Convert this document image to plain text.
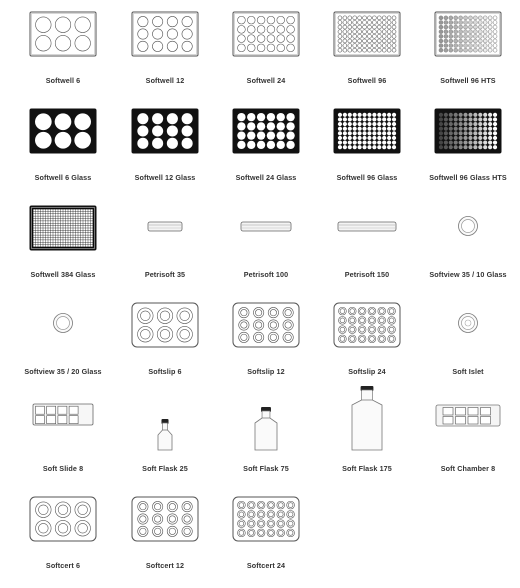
Softwell 6	Softwell 12	Softwell 24	Softwell 96	Softwell 96 HTS
Softwell 6 Glass	Softwell 12 Glass	Softwell 24 Glass	Softwell 96 Glass	Softwell 96 Glass HTS
Softwell 384 Glass	Petrisoft 35	Petrisoft 100	Petrisoft 150	Softview 35 / 10 Glass
Softview 35 / 20 Glass	Softslip 6	Softslip 12	Softslip 24	Soft Islet
Soft Slide 8	Soft Flask 25	Soft Flask 75	Soft Flask 175	Soft Chamber 8
Softcert 6	Softcert 12	Softcert 24
